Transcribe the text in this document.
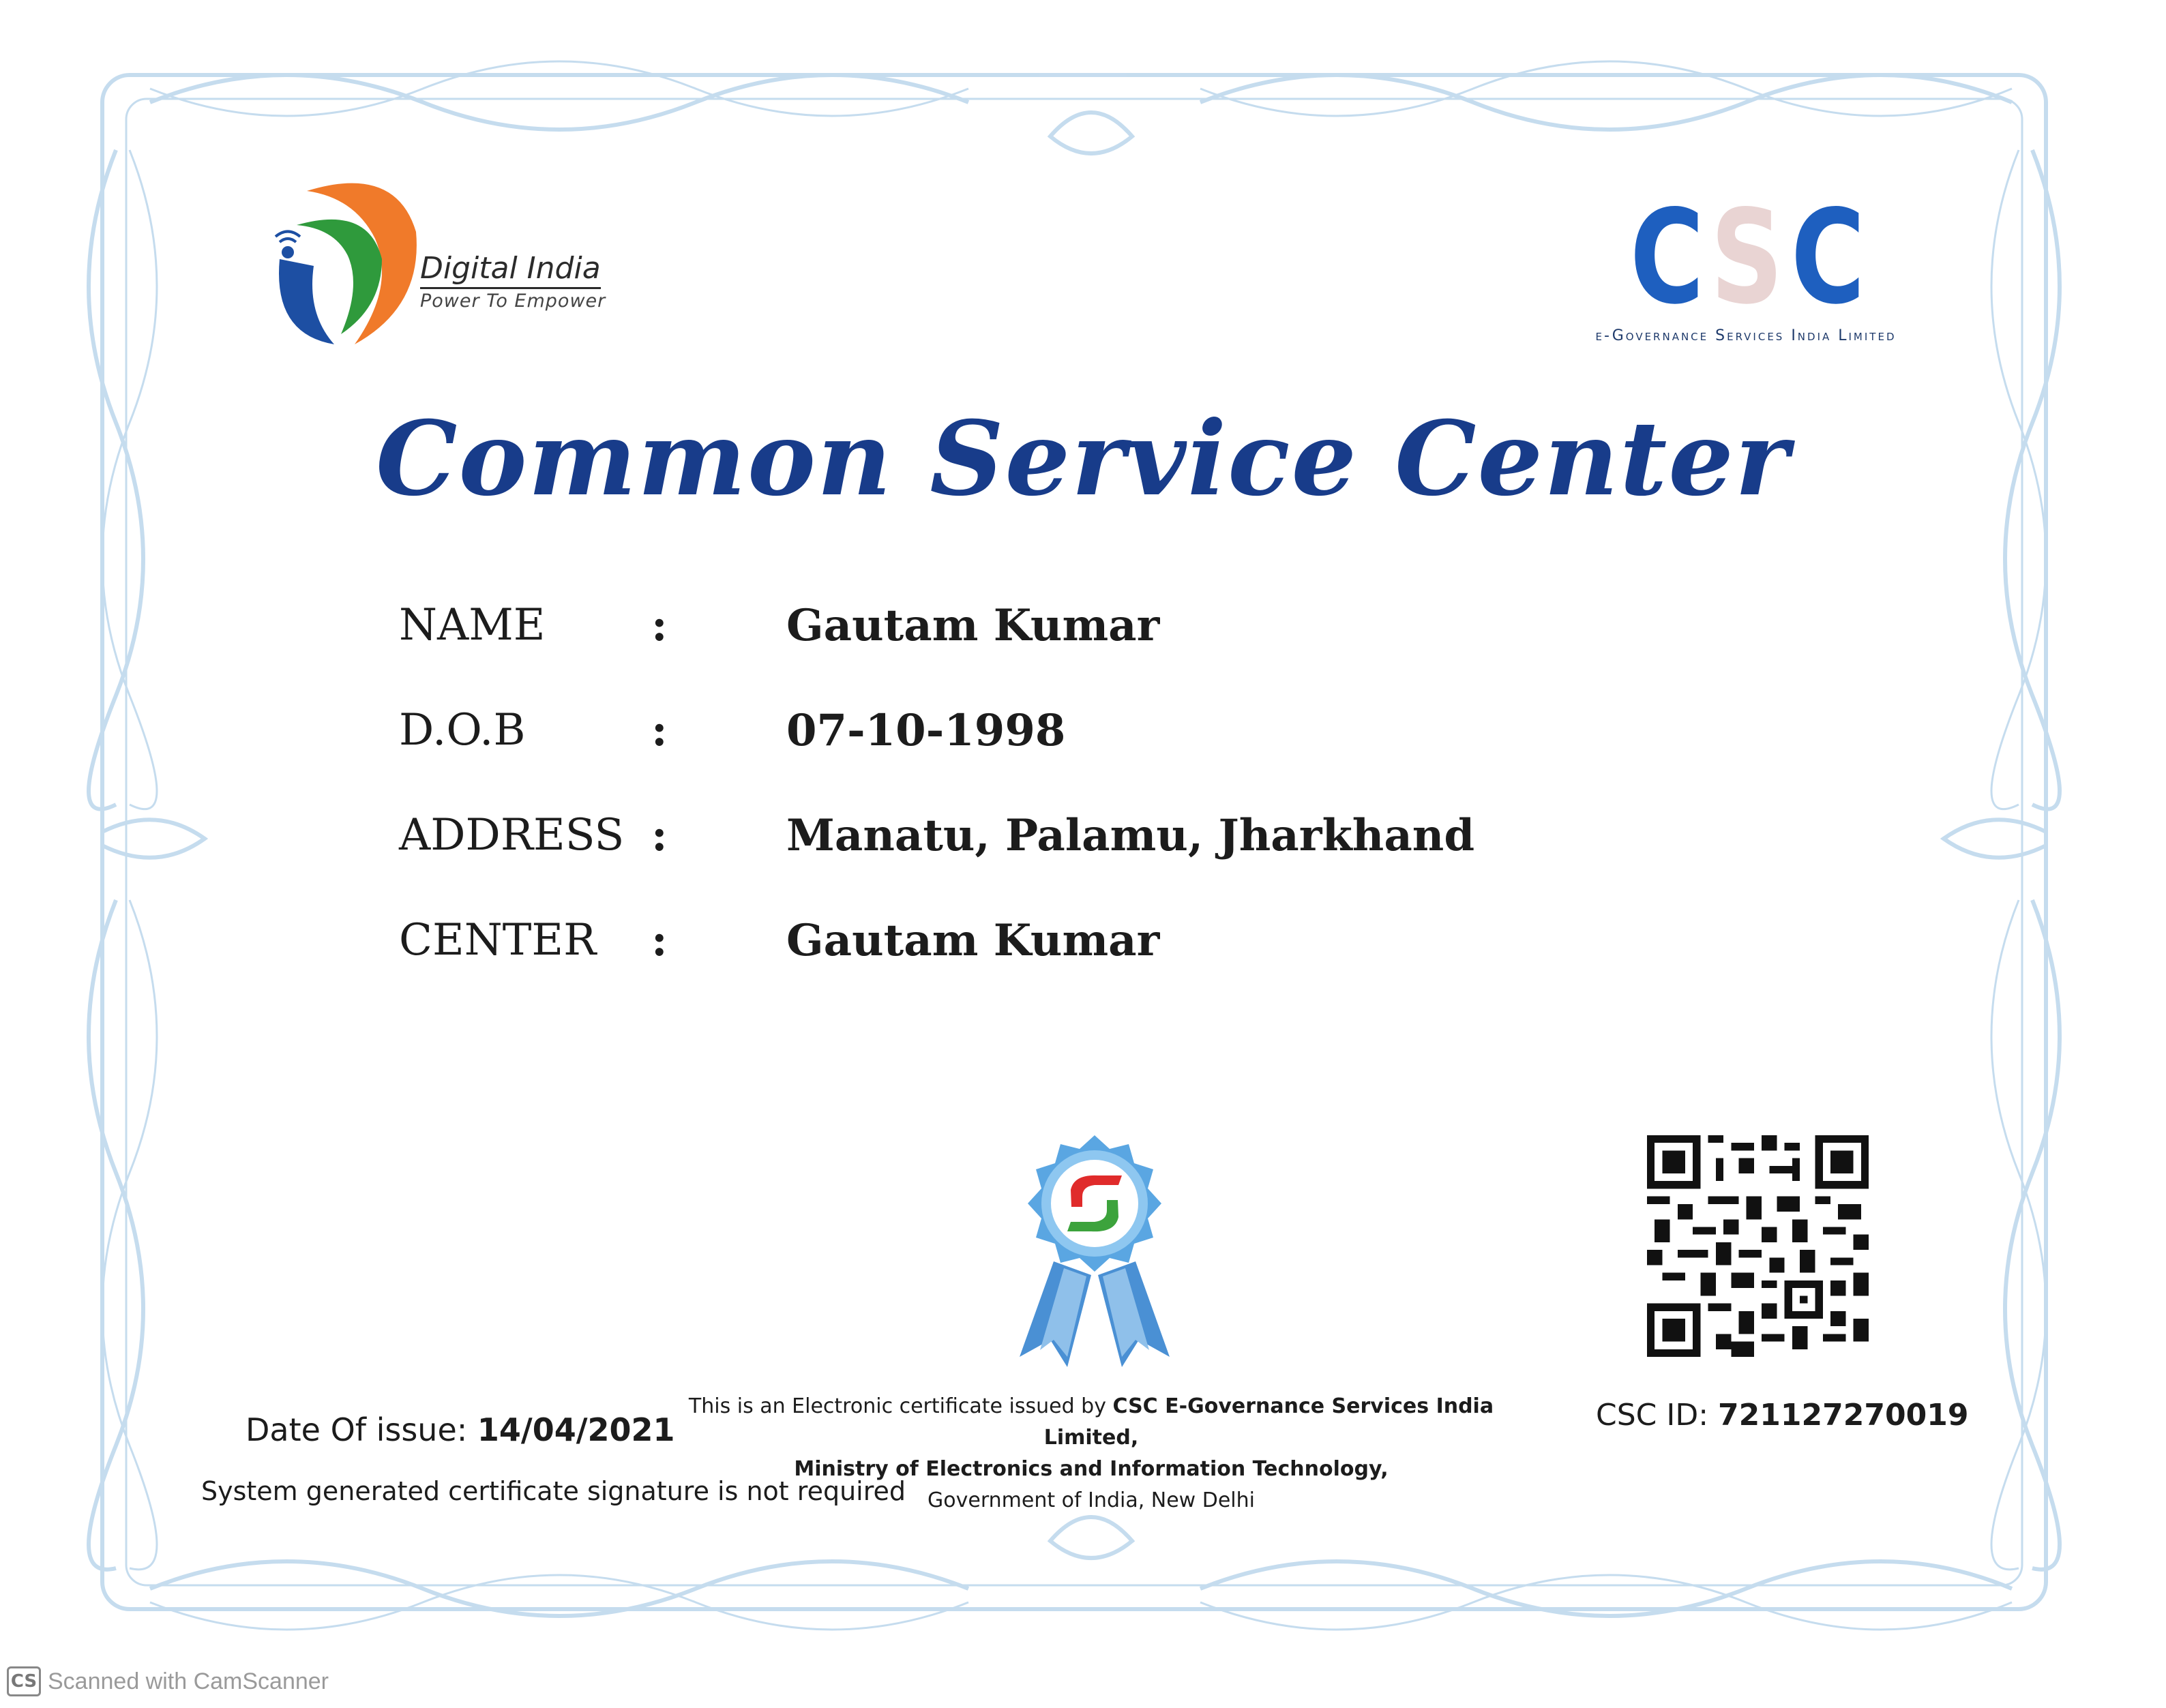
Digital India
Power To Empower	C S C
e-Governance Services India Limited
Common Service Center
NAME :	Gautam Kumar
D.O.B	:	07-10-1998
ADDRESS :	Manatu, Palamu, Jharkhand
CENTER :	Gautam Kumar
CSC ID: 721127270019
Date Of issue: 14/04/2021
System generated certificate signature is not required
This is an Electronic certificate issued by CSC E-Governance Services India Limited,
Ministry of Electronics and Information Technology,
Government of India, New Delhi
CS Scanned with CamScanner
